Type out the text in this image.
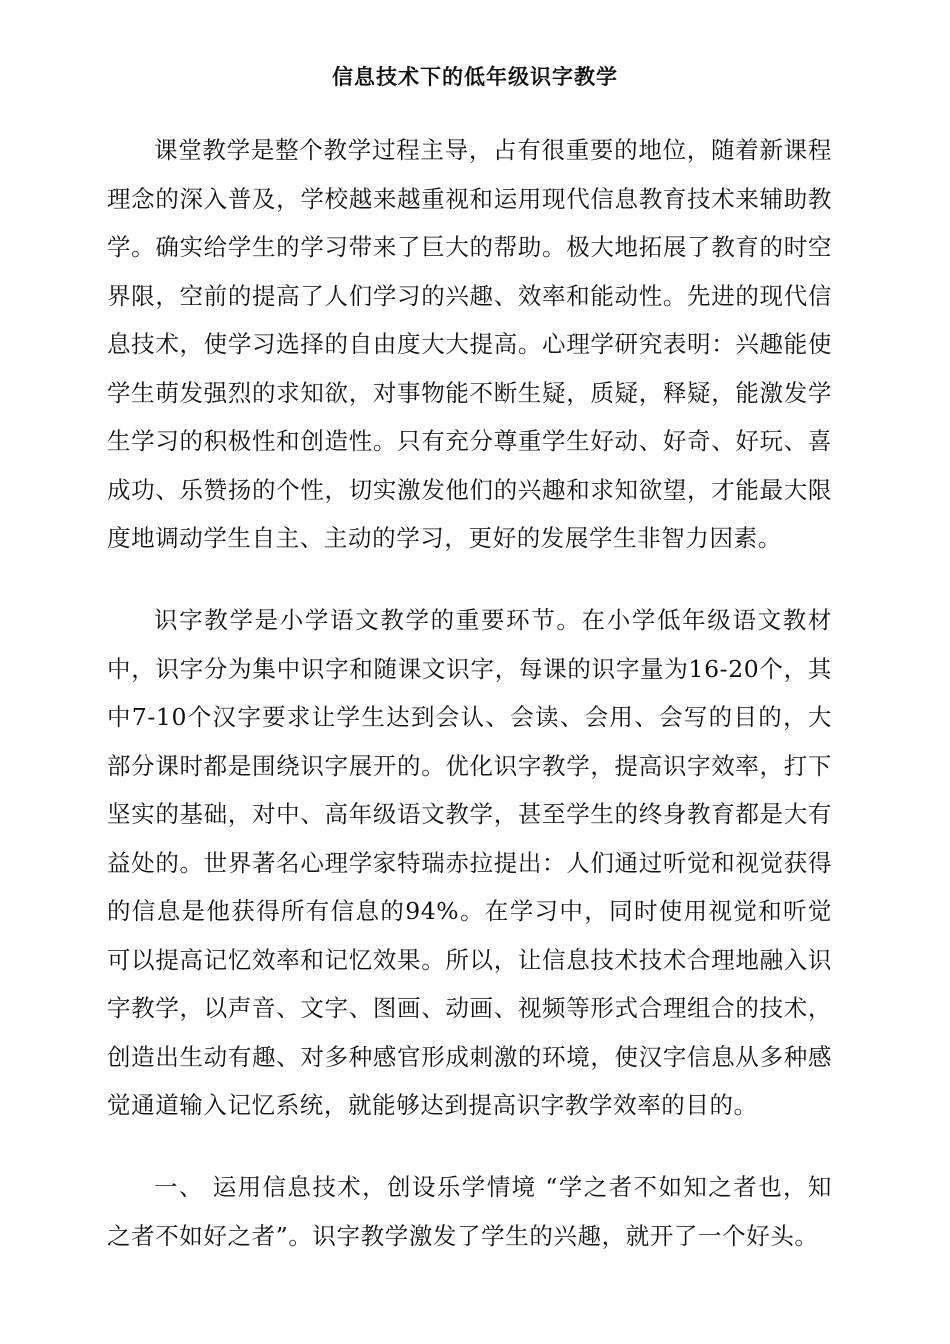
信息技术下的低年级识字教学

课堂教学是整个教学过程主导，占有很重要的地位，随着新课程理念的深入普及，学校越来越重视和运用现代信息教育技术来辅助教学。确实给学生的学习带来了巨大的帮助。极大地拓展了教育的时空界限，空前的提高了人们学习的兴趣、效率和能动性。先进的现代信息技术，使学习选择的自由度大大提高。心理学研究表明：兴趣能使学生萌发强烈的求知欲，对事物能不断生疑，质疑，释疑，能激发学生学习的积极性和创造性。只有充分尊重学生好动、好奇、好玩、喜成功、乐赞扬的个性，切实激发他们的兴趣和求知欲望，才能最大限度地调动学生自主、主动的学习，更好的发展学生非智力因素。

识字教学是小学语文教学的重要环节。在小学低年级语文教材中，识字分为集中识字和随课文识字，每课的识字量为16-20个，其中7-10个汉字要求让学生达到会认、会读、会用、会写的目的，大部分课时都是围绕识字展开的。优化识字教学，提高识字效率，打下坚实的基础，对中、高年级语文教学，甚至学生的终身教育都是大有益处的。世界著名心理学家特瑞赤拉提出：人们通过听觉和视觉获得的信息是他获得所有信息的94%。在学习中，同时使用视觉和听觉可以提高记忆效率和记忆效果。所以，让信息技术技术合理地融入识字教学，以声音、文字、图画、动画、视频等形式合理组合的技术，创造出生动有趣、对多种感官形成刺激的环境，使汉字信息从多种感觉通道输入记忆系统，就能够达到提高识字教学效率的目的。

一、 运用信息技术，创设乐学情境 “学之者不如知之者也，知之者不如好之者”。识字教学激发了学生的兴趣，就开了一个好头。
